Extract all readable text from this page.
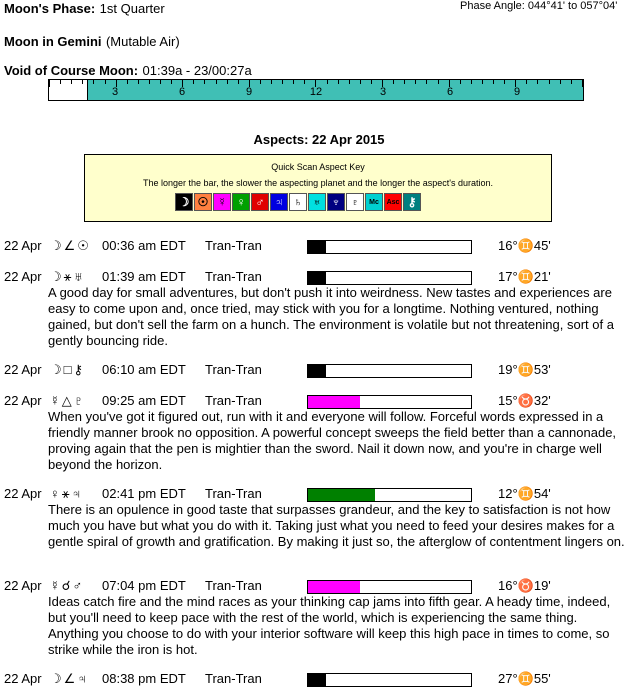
Moon's Phase: 1st Quarter	Phase Angle: 044°41' to 057°04'
Moon in Gemini (Mutable Air)
Void of Course Moon: 01:39a - 23/00:27a
3	6	9	12	3	6	9
Aspects: 22 Apr 2015
Quick Scan Aspect Key
The longer the bar, the slower the aspecting planet and the longer the aspect's duration.
☽ ☉ ☿ ♀ ♂ ♃ ♄ ♅ ♆ ♇	Mc	Asc ⚷
22 Apr ☽∠☉ 00:36 am EDT Tran-Tran	16°♊45'
22 Apr ☽⚹♅ 01:39 am EDT Tran-Tran	17°♊21'
A good day for small adventures, but don't push it into weirdness. New tastes and experiences are easy to come upon and, once tried, may stick with you for a longtime. Nothing ventured, nothing gained, but don't sell the farm on a hunch. The environment is volatile but not threatening, sort of a gently bouncing ride.
22 Apr ☽□⚷ 06:10 am EDT Tran-Tran	19°♊53'
22 Apr ☿△♇ 09:25 am EDT Tran-Tran	15°♉32'
When you've got it figured out, run with it and everyone will follow. Forceful words expressed in a friendly manner brook no opposition. A powerful concept sweeps the field better than a cannonade, proving again that the pen is mightier than the sword. Nail it down now, and you're in charge well beyond the horizon.
22 Apr ♀⚹♃ 02:41 pm EDT Tran-Tran	12°♊54'
There is an opulence in good taste that surpasses grandeur, and the key to satisfaction is not how much you have but what you do with it. Taking just what you need to feed your desires makes for a gentle spiral of growth and gratification. By making it just so, the afterglow of contentment lingers on.
22 Apr ☿☌♂ 07:04 pm EDT Tran-Tran	16°♉19'
Ideas catch fire and the mind races as your thinking cap jams into fifth gear. A heady time, indeed, but you'll need to keep pace with the rest of the world, which is experiencing the same thing. Anything you choose to do with your interior software will keep this high pace in times to come, so strike while the iron is hot.
22 Apr ☽∠♃ 08:38 pm EDT Tran-Tran	27°♊55'
